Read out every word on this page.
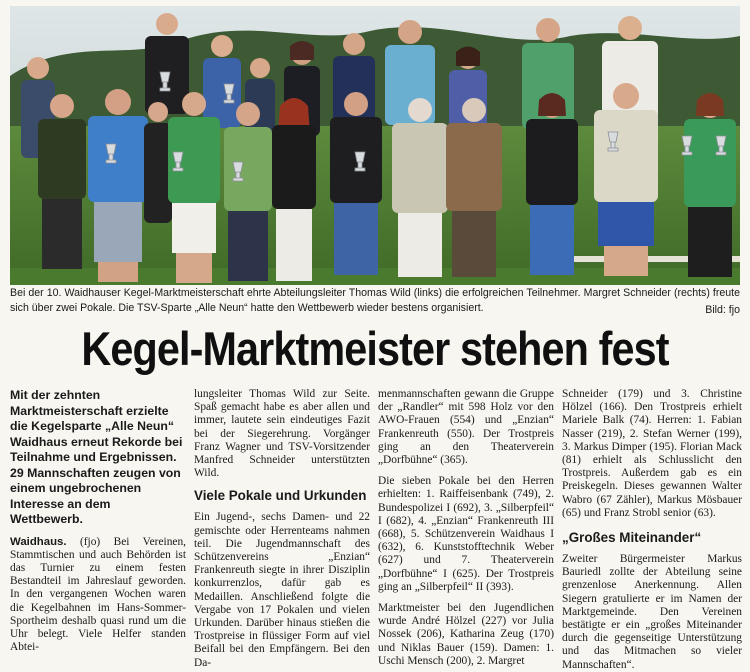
Bei der 10. Waidhauser Kegel-Marktmeisterschaft ehrte Abteilungsleiter Thomas Wild (links) die erfolgreichen Teilnehmer. Margret Schneider (rechts) freute sich über zwei Pokale. Die TSV-Sparte „Alle Neun“ hatte den Wettbewerb wieder bestens organisiert.	Bild: fjo
Kegel-Marktmeister stehen fest

Mit der zehnten Marktmeisterschaft erzielte die Kegelsparte „Alle Neun“ Waidhaus erneut Rekorde bei Teilnahme und Ergebnissen. 29 Mannschaften zeugen von einem ungebrochenen Interesse an dem Wettbewerb.

Waidhaus. (fjo) Bei Vereinen, Stammtischen und auch Behörden ist das Turnier zu einem festen Bestandteil im Jahreslauf geworden. In den vergangenen Wochen waren die Kegelbahnen im Hans-Sommer-Sportheim deshalb quasi rund um die Uhr belegt. Viele Helfer standen Abtei-

lungsleiter Thomas Wild zur Seite. Spaß gemacht habe es aber allen und immer, lautete sein eindeutiges Fazit bei der Siegerehrung. Vorgänger Franz Wagner und TSV-Vorsitzender Manfred Schneider unterstützten Wild.

Viele Pokale und Urkunden

Ein Jugend-, sechs Damen- und 22 gemischte oder Herrenteams nahmen teil. Die Jugendmannschaft des Schützenvereins „Enzian“ Frankenreuth siegte in ihrer Disziplin konkurrenzlos, dafür gab es Medaillen. Anschließend folgte die Vergabe von 17 Pokalen und vielen Urkunden. Darüber hinaus stießen die Trostpreise in flüssiger Form auf viel Beifall bei den Empfängern. Bei den Da-

menmannschaften gewann die Gruppe der „Randler“ mit 598 Holz vor den AWO-Frauen (554) und „Enzian“ Frankenreuth (550). Der Trostpreis ging an den Theaterverein „Dorfbühne“ (365).

Die sieben Pokale bei den Herren erhielten: 1. Raiffeisenbank (749), 2. Bundespolizei I (692), 3. „Silberpfeil“ I (682), 4. „Enzian“ Frankenreuth III (668), 5. Schützenverein Waidhaus I (632), 6. Kunststofftechnik Weber (627) und 7. Theaterverein „Dorfbühne“ I (625). Der Trostpreis ging an „Silberpfeil“ II (393).

Marktmeister bei den Jugendlichen wurde André Hölzel (227) vor Julia Nossek (206), Katharina Zeug (170) und Niklas Bauer (159). Damen: 1. Uschi Mensch (200), 2. Margret

Schneider (179) und 3. Christine Hölzel (166). Den Trostpreis erhielt Mariele Balk (74). Herren: 1. Fabian Nasser (219), 2. Stefan Werner (199), 3. Markus Dimper (195). Florian Mack (81) erhielt als Schlusslicht den Trostpreis. Außerdem gab es ein Preiskegeln. Dieses gewannen Walter Wabro (67 Zähler), Markus Mösbauer (65) und Franz Strobl senior (63).

„Großes Miteinander“

Zweiter Bürgermeister Markus Bauriedl zollte der Abteilung seine grenzenlose Anerkennung. Allen Siegern gratulierte er im Namen der Marktgemeinde. Den Vereinen bestätigte er ein „großes Miteinander durch die gegenseitige Unterstützung und das Mitmachen so vieler Mannschaften“.
